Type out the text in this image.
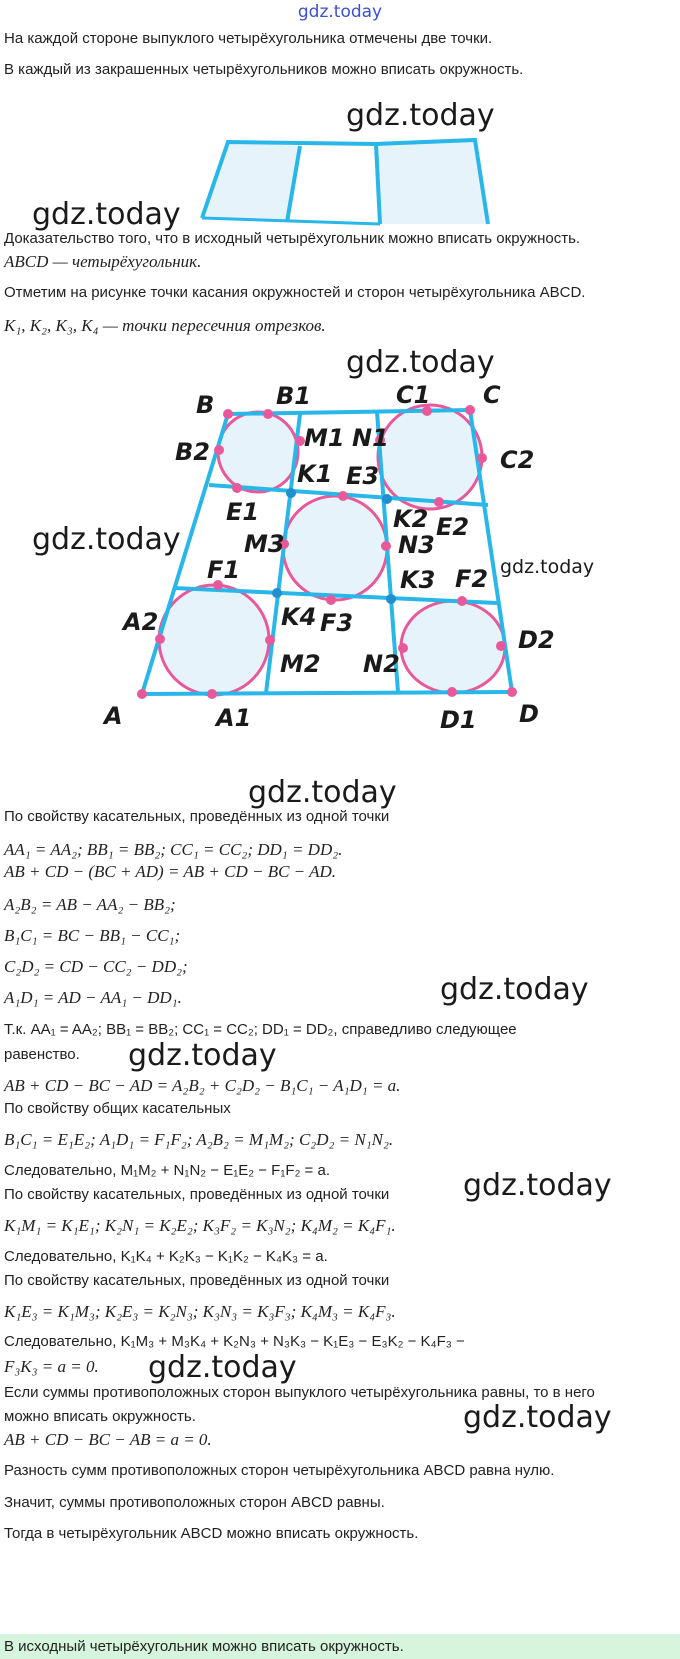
gdz.today
На каждой стороне выпуклого четырёхугольника отмечены две точки.
В каждый из закрашенных четырёхугольников можно вписать окружность.
Доказательство того, что в исходный четырёхугольник можно вписать окружность.
ABCD — четырёхугольник.
Отметим на рисунке точки касания окружностей и сторон четырёхугольника ABCD.
K₁, K₂, K₃, K₄ — точки пересечния отрезков.
B	B1	C1 C
B2	M1 N1
C2
K1 E3
E1	K2 E2
M3	N3
F1	K3 F2
A2	K4 F3
D2
M2 N2
A	A1	D1 D
По свойству касательных, проведённых из одной точки
AA₁ = AA₂; BB₁ = BB₂; CC₁ = CC₂; DD₁ = DD₂.
AB + CD − (BC + AD) = AB + CD − BC − AD.
A₂B₂ = AB − AA₂ − BB₂;
B₁C₁ = BC − BB₁ − CC₁;
C₂D₂ = CD − CC₂ − DD₂;
A₁D₁ = AD − AA₁ − DD₁.
Т.к. AA₁ = AA₂; BB₁ = BB₂; CC₁ = CC₂; DD₁ = DD₂, справедливо следующее
равенство.
AB + CD − BC − AD = A₂B₂ + C₂D₂ − B₁C₁ − A₁D₁ = a.
По свойству общих касательных
B₁C₁ = E₁E₂; A₁D₁ = F₁F₂; A₂B₂ = M₁M₂; C₂D₂ = N₁N₂.
Следовательно, M₁M₂ + N₁N₂ − E₁E₂ − F₁F₂ = a.
По свойству касательных, проведённых из одной точки
K₁M₁ = K₁E₁; K₂N₁ = K₂E₂; K₃F₂ = K₃N₂; K₄M₂ = K₄F₁.
Следовательно, K₁K₄ + K₂K₃ − K₁K₂ − K₄K₃ = a.
По свойству касательных, проведённых из одной точки
K₁E₃ = K₁M₃; K₂E₃ = K₂N₃; K₃N₃ = K₃F₃; K₄M₃ = K₄F₃.
Следовательно, K₁M₃ + M₃K₄ + K₂N₃ + N₃K₃ − K₁E₃ − E₃K₂ − K₄F₃ −
F₃K₃ = a = 0.
Если суммы противоположных сторон выпуклого четырёхугольника равны, то в него
можно вписать окружность.
AB + CD − BC − AB = a = 0.
Разность сумм противоположных сторон четырёхугольника ABCD равна нулю.
Значит, суммы противоположных сторон ABCD равны.
Тогда в четырёхугольник ABCD можно вписать окружность.
В исходный четырёхугольник можно вписать окружность.
gdz.today
gdz.today
gdz.today
gdz.today
gdz.today
gdz.today
gdz.today
gdz.today
gdz.today
gdz.today
gdz.today
